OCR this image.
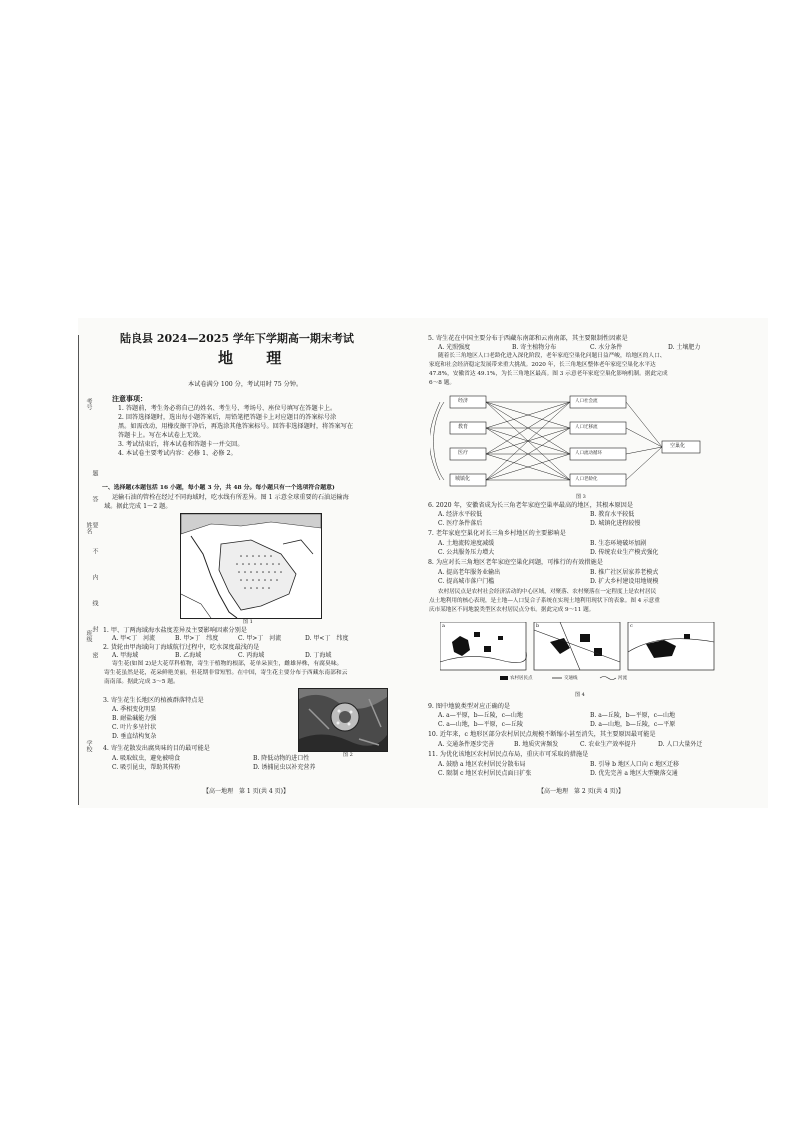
考号
姓名
班级
学校
题
答
要
不
内
线
封
密
陆良县 2024—2025 学年下学期高一期末考试
地 理
本试卷满分 100 分，考试用时 75 分钟。
注意事项：
1. 答题前，考生务必将自己的姓名、考生号、考场号、座位号填写在答题卡上。
2. 回答选择题时，选出每小题答案后，用铅笔把答题卡上对应题目的答案标号涂
黑。如需改动，用橡皮擦干净后，再选涂其他答案标号。回答非选择题时，将答案写在
答题卡上。写在本试卷上无效。
3. 考试结束后，将本试卷和答题卡一并交回。
4. 本试卷主要考试内容：必修 1、必修 2。
一、选择题(本题包括 16 小题，每小题 3 分，共 48 分。每小题只有一个选项符合题意)
运输石油的管栓在经过不同海域时，吃水线有所差异。图 1 示意全球重要的石油运输海
域。据此完成 1～2 题。
图 1
1. 甲、丁两海域海水盐度差异及主要影响因素分别是
A. 甲<丁　河流	B. 甲>丁　纬度	C. 甲>丁　河流	D. 甲<丁　纬度
2. 货轮由甲海域向丁海域航行过程中，吃水深度最浅的是
A. 甲海域	B. 乙海域	C. 丙海域	D. 丁海域
寄生花(如图 2)是大花草科植物，寄生于植物的根部，花单朵顶生，雌雄异株，有腐臭味。
寄生花虽然是花，花朵鲜艳美丽，但花期非常短暂。在中国，寄生花主要分布于西藏东南部和云
南南部。据此完成 3～5 题。
图 2
3. 寄生花生长地区的植被群落特点是
A. 季相变化明显
B. 耐盐碱能力强
C. 叶片多呈针状
D. 垂直结构复杂
4. 寄生花散发出腐臭味的目的最可能是
A. 吸取蚊虫，避免被啃食	B. 降低动物的进口性
C. 吸引昆虫，帮助其传粉	D. 诱捕昆虫以补充营养
【高一地理　第 1 页(共 4 页)】
5. 寄生花在中国主要分布于西藏东南部和云南南部，其主要限制性因素是
A. 光照强度	B. 寄主植物分布	C. 水分条件	D. 土壤肥力
随着长三角地区人口老龄化进入深化阶段，老年家庭空巢化问题日益严峻，给地区的人口、
家庭和社会经济稳定发展带来重大挑战。2020 年，长三角地区整体老年家庭空巢化水平达
47.8%，安徽省达 49.1%，为长三角地区最高。图 3 示意老年家庭空巢化影响机制。据此完成
6～8 题。
经济
教育
医疗
城镇化
人口社会流
人口迁移流
人口流动循环
人口老龄化
空巢化
图 3
6. 2020 年，安徽省成为长三角老年家庭空巢率最高的地区，其根本原因是
A. 经济水平较低	B. 教育水平较低
C. 医疗条件落后	D. 城镇化进程较慢
7. 老年家庭空巢化对长三角乡村地区的主要影响是
A. 土地流转速度减缓	B. 生态环境破坏加剧
C. 公共服务压力增大	D. 传统农业生产模式强化
8. 为应对长三角地区老年家庭空巢化问题，可推行的有效措施是
A. 提高老年服务业输出	B. 推广社区居家养老模式
C. 提高城市落户门槛	D. 扩大乡村建设用地规模
农村居民点是农村社会经济活动的中心区域，对聚落、农村聚落在一定程度上是农村居民
点土地利用的核心表现，是土地—人口复合子系统在实现土地利用现状下的表象。图 4 示意重
庆市某地区不同地貌类型区农村居民点分布。据此完成 9～11 题。
农村居民点	交通线	河流
a	b	c
图 4
9. 图中地貌类型对应正确的是
A. a—平原，b—丘陵，c—山地	B. a—丘陵，b—平原，c—山地
C. a—山地，b—平原，c—丘陵	D. a—山地，b—丘陵，c—平原
10. 近年来，c 地形区部分农村居民点规模不断缩小甚至消失，其主要原因最可能是
A. 交通条件逐步完善	B. 地质灾害频发	C. 农业生产效率提升	D. 人口大量外迁
11. 为优化该地区农村居民点布局，重庆市可采取的措施是
A. 鼓励 a 地区农村居民分散布局	B. 引导 b 地区人口向 c 地区迁移
C. 限制 c 地区农村居民点面日扩张	D. 优先完善 a 地区大型聚落交通
【高一地理　第 2 页(共 4 页)】
